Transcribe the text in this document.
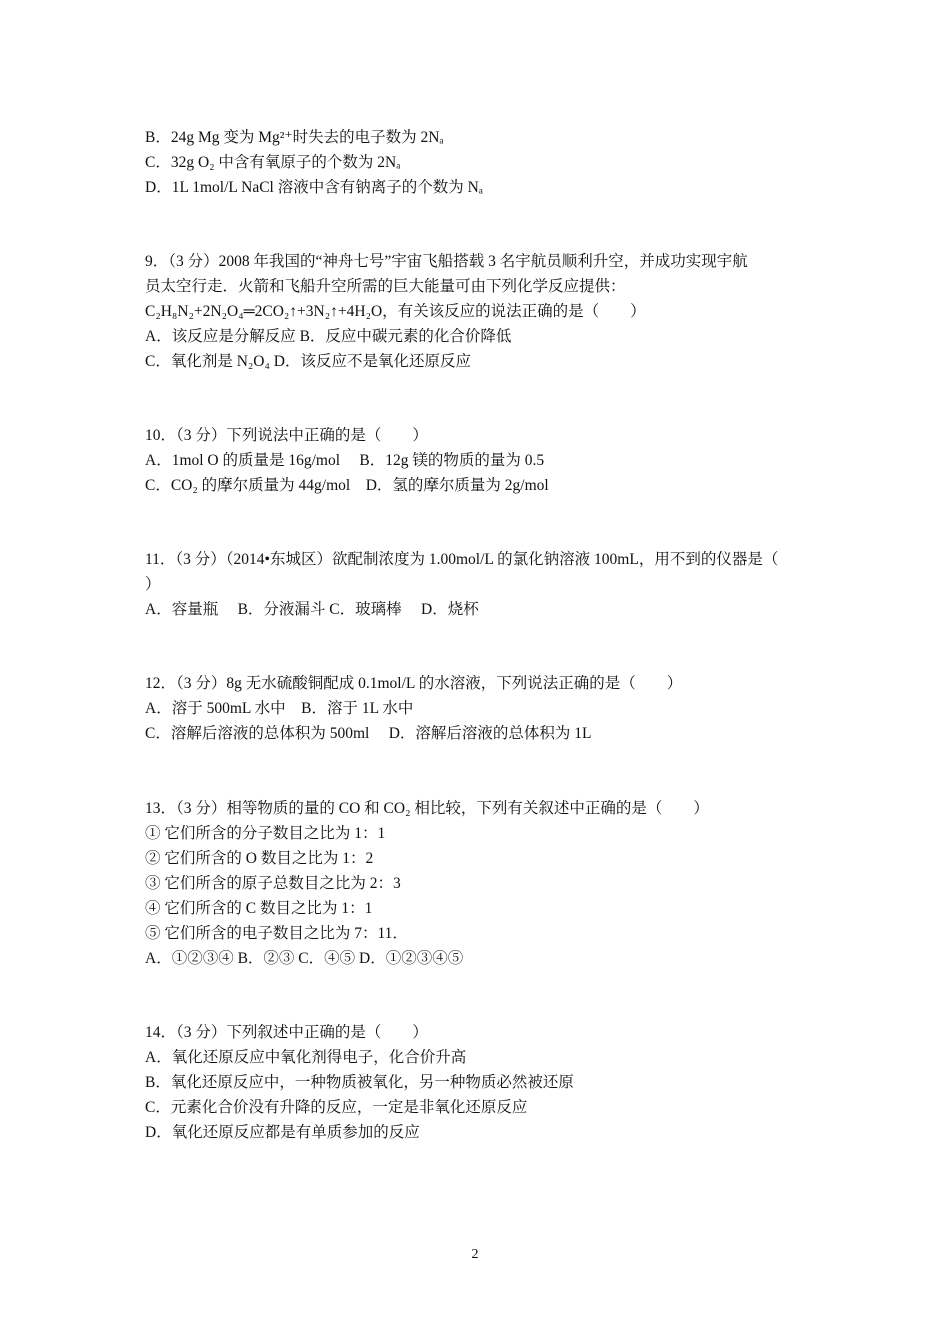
B．24g Mg 变为 Mg²⁺时失去的电子数为 2Nₐ
C．32g O₂ 中含有氧原子的个数为 2Nₐ
D．1L 1mol/L NaCl 溶液中含有钠离子的个数为 Nₐ
9．（3 分）2008 年我国的“神舟七号”宇宙飞船搭载 3 名宇航员顺利升空，并成功实现宇航
员太空行走．火箭和飞船升空所需的巨大能量可由下列化学反应提供：
C₂H₈N₂+2N₂O₄═2CO₂↑+3N₂↑+4H₂O，有关该反应的说法正确的是（　　）
A．该反应是分解反应 B．反应中碳元素的化合价降低
C．氧化剂是 N₂O₄ D．该反应不是氧化还原反应
10．（3 分）下列说法中正确的是（　　）
A．1mol O 的质量是 16g/mol　 B．12g 镁的物质的量为 0.5
C．CO₂ 的摩尔质量为 44g/mol　D．氢的摩尔质量为 2g/mol
11．（3 分）（2014•东城区）欲配制浓度为 1.00mol/L 的氯化钠溶液 100mL，用不到的仪器是（
）
A．容量瓶　 B．分液漏斗 C．玻璃棒　 D．烧杯
12．（3 分）8g 无水硫酸铜配成 0.1mol/L 的水溶液，下列说法正确的是（　　）
A．溶于 500mL 水中　B．溶于 1L 水中
C．溶解后溶液的总体积为 500ml　 D．溶解后溶液的总体积为 1L
13．（3 分）相等物质的量的 CO 和 CO₂ 相比较，下列有关叙述中正确的是（　　）
① 它们所含的分子数目之比为 1：1
② 它们所含的 O 数目之比为 1：2
③ 它们所含的原子总数目之比为 2：3
④ 它们所含的 C 数目之比为 1：1
⑤ 它们所含的电子数目之比为 7：11．
A．①②③④ B．②③ C．④⑤ D．①②③④⑤
14．（3 分）下列叙述中正确的是（　　）
A．氧化还原反应中氧化剂得电子，化合价升高
B．氧化还原反应中，一种物质被氧化，另一种物质必然被还原
C．元素化合价没有升降的反应，一定是非氧化还原反应
D．氧化还原反应都是有单质参加的反应
2
